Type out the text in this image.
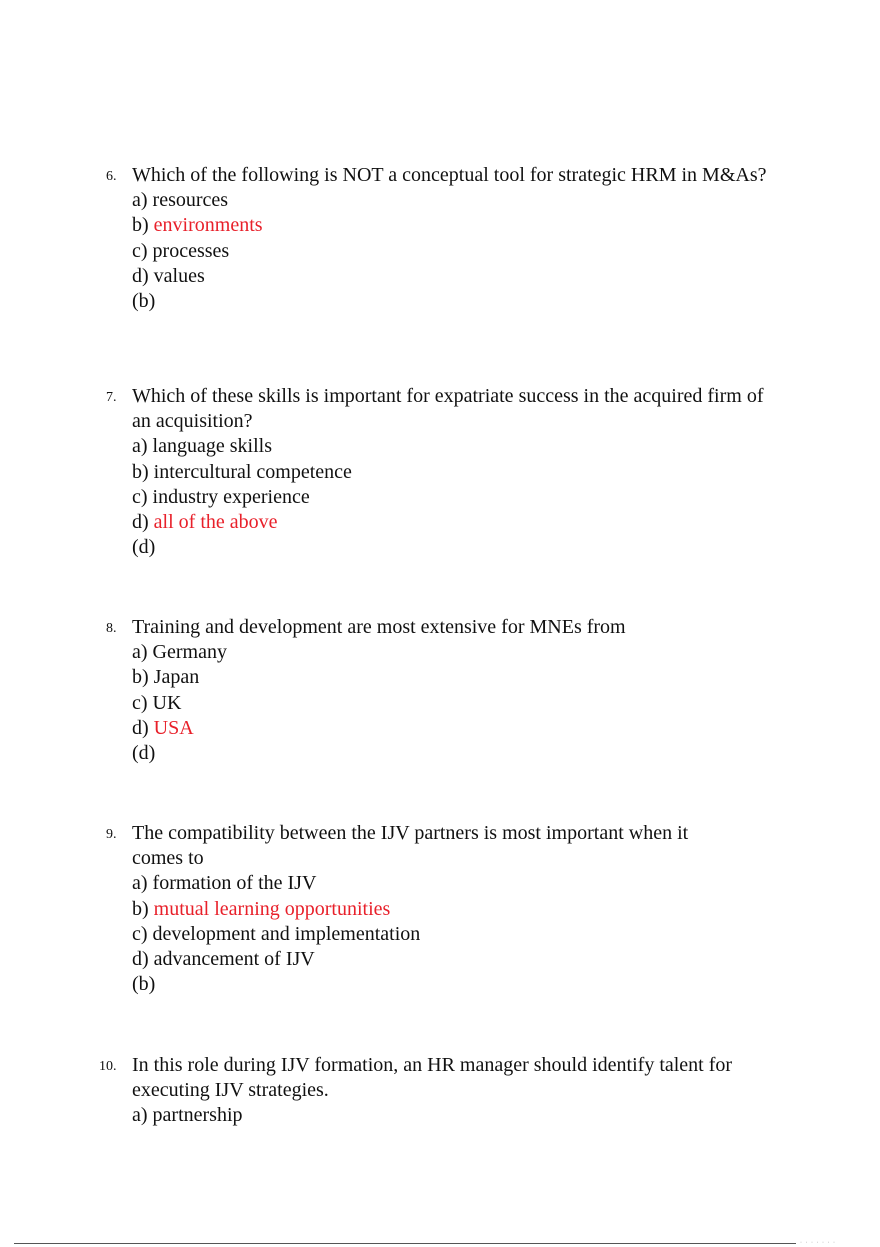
6. Which of the following is NOT a conceptual tool for strategic HRM in M&As?
a) resources
b) environments
c) processes
d) values
(b)
7. Which of these skills is important for expatriate success in the acquired firm of
an acquisition?
a) language skills
b) intercultural competence
c) industry experience
d) all of the above
(d)
8. Training and development are most extensive for MNEs from
a) Germany
b) Japan
c) UK
d) USA
(d)
9. The compatibility between the IJV partners is most important when it
comes to
a) formation of the IJV
b) mutual learning opportunities
c) development and implementation
d) advancement of IJV
(b)
10. In this role during IJV formation, an HR manager should identify talent for
executing IJV strategies.
a) partnership
· · · · · · ·
